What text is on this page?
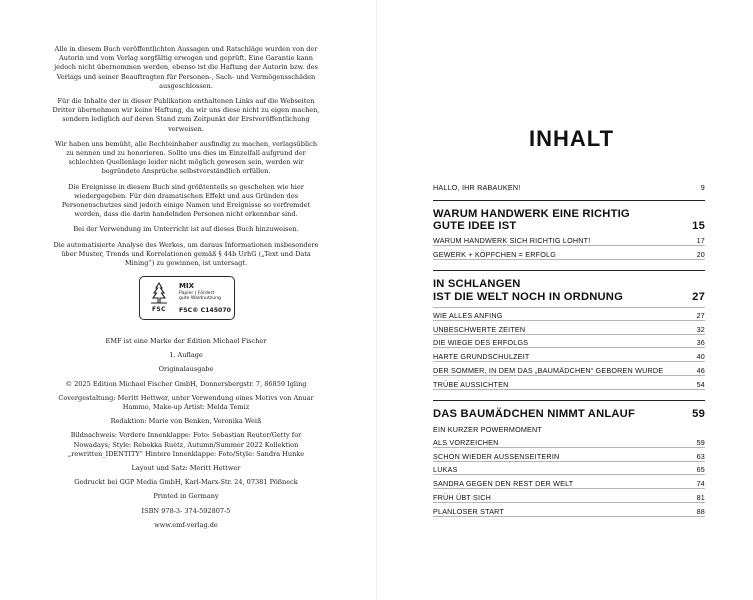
Alle in diesem Buch veröffentlichten Aussagen und Ratschläge wurden von der Autorin und vom Verlag sorgfältig erwogen und geprüft. Eine Garantie kann jedoch nicht übernommen werden, ebenso ist die Haftung der Autorin bzw. des Verlags und seiner Beauftragten für Personen-, Sach- und Vermögensschäden ausgeschlossen.

Für die Inhalte der in dieser Publikation enthaltenen Links auf die Webseiten Dritter übernehmen wir keine Haftung, da wir uns diese nicht zu eigen machen, sondern lediglich auf deren Stand zum Zeitpunkt der Erstveröffentlichung verweisen.

Wir haben uns bemüht, alle Rechteinhaber ausfindig zu machen, verlagsüblich zu nennen und zu honorieren. Sollte uns dies im Einzelfall aufgrund der schlechten Quellenlage leider nicht möglich gewesen sein, werden wir begründete Ansprüche selbstverständlich erfüllen.

Die Ereignisse in diesem Buch sind größtenteils so geschehen wie hier wiedergegeben. Für den dramatischen Effekt und aus Gründen des Personenschutzes sind jedoch einige Namen und Ereignisse so verfremdet worden, dass die darin handelnden Personen nicht erkennbar sind.

Bei der Verwendung im Unterricht ist auf dieses Buch hinzuweisen.

Die automatisierte Analyse des Werkes, um daraus Informationen insbesondere über Muster, Trends und Korrelationen gemäß § 44b UrhG („Text und Data Mining“) zu gewinnen, ist untersagt.

FSC
MIX
Papier | Fördert
gute Waldnutzung
FSC® C145070

EMF ist eine Marke der Edition Michael Fischer

1. Auflage

Originalausgabe

© 2025 Edition Michael Fischer GmbH, Donnersbergstr. 7, 86859 Igling

Covergestaltung: Meritt Hettwer, unter Verwendung eines Motivs von Anuar Hammo, Make-up Artist: Melda Temiz

Redaktion: Marie von Benken, Veronika Weiß

Bildnachweis: Vordere Innenklappe: Foto: Sebastian Reuter/Getty for Nowadays; Style: Rebekka Ruètz, Autumn/Summer 2022 Kollektion „rewritten_IDENTITY“ Hintere Innenklappe: Foto/Style: Sandra Hunke

Layout und Satz: Meritt Hettwer

Gedruckt bei GGP Media GmbH, Karl-Marx-Str. 24, 07381 Pößneck

Printed in Germany

ISBN 978-3- 374-592807-5

www.emf-verlag.de

INHALT
HALLO, IHR RABAUKEN!	9
WARUM HANDWERK EINE RICHTIG
GUTE IDEE IST	15
WARUM HANDWERK SICH RICHTIG LOHNT!	17
GEWERK + KÖPFCHEN = ERFOLG	20
IN SCHLANGEN
IST DIE WELT NOCH IN ORDNUNG	27
WIE ALLES ANFING	27
UNBESCHWERTE ZEITEN	32
DIE WIEGE DES ERFOLGS	36
HARTE GRUNDSCHULZEIT	40
DER SOMMER, IN DEM DAS „BAUMÄDCHEN“ GEBOREN WURDE	46
TRÜBE AUSSICHTEN	54
DAS BAUMÄDCHEN NIMMT ANLAUF	59
EIN KURZER POWERMOMENT
ALS VORZEICHEN	59
SCHON WIEDER AUSSENSEITERIN	63
LUKAS	65
SANDRA GEGEN DEN REST DER WELT	74
FRÜH ÜBT SICH	81
PLANLOSER START	88
